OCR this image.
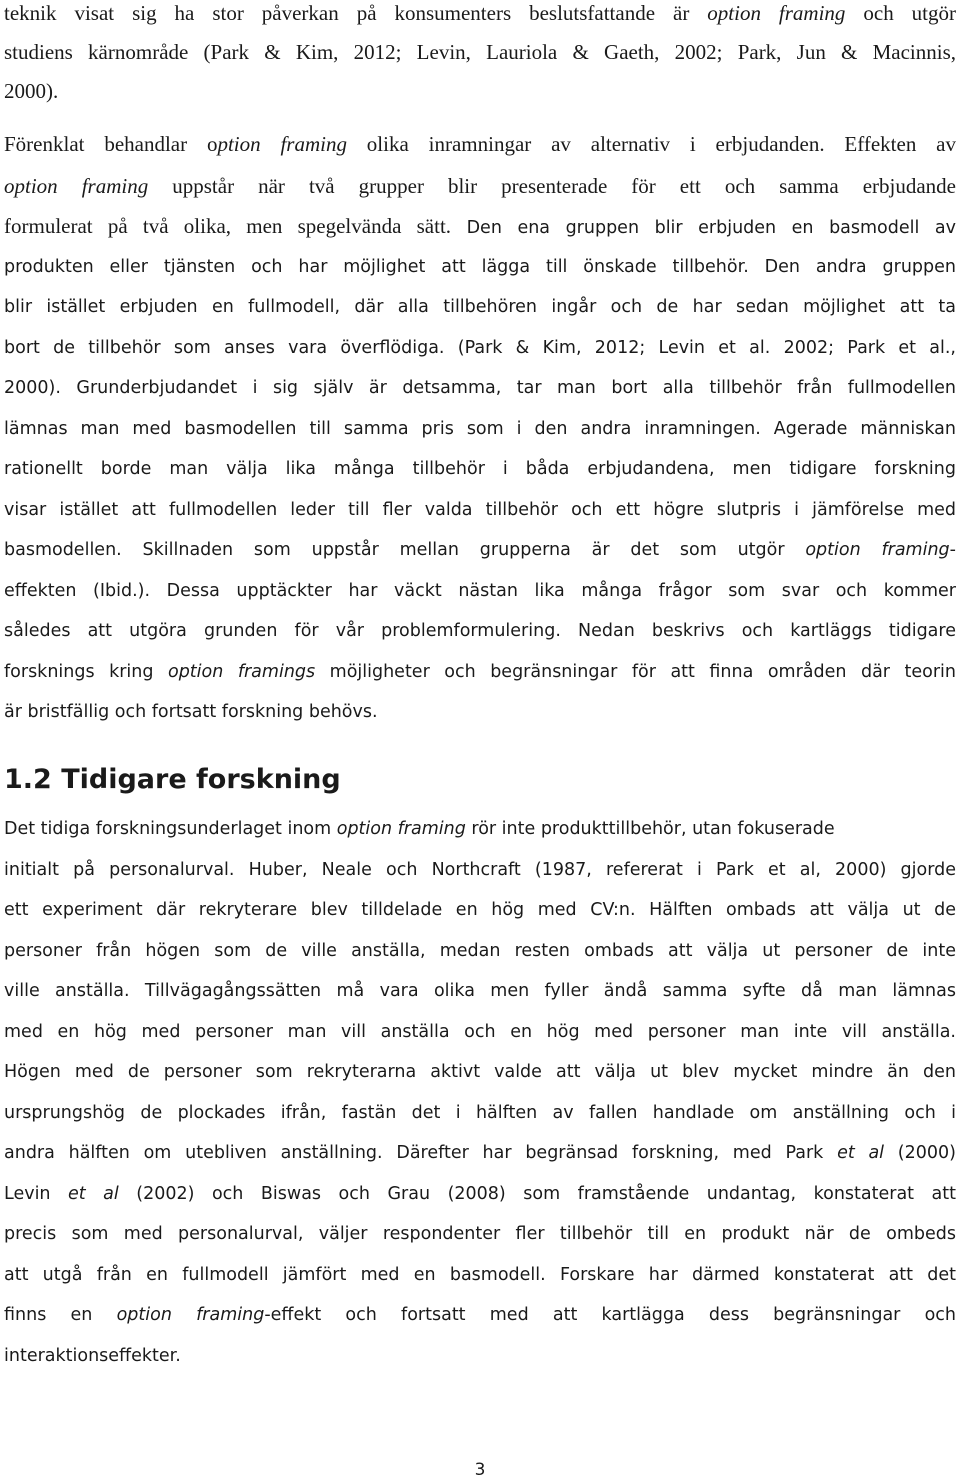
teknik visat sig ha stor påverkan på konsumenters beslutsfattande är option framing och utgör
studiens kärnområde (Park & Kim, 2012; Levin, Lauriola & Gaeth, 2002; Park, Jun & Macinnis,
2000).
Förenklat behandlar option framing olika inramningar av alternativ i erbjudanden. Effekten av
option framing uppstår när två grupper blir presenterade för ett och samma erbjudande
formulerat på två olika, men spegelvända sätt. Den ena gruppen blir erbjuden en basmodell av
produkten eller tjänsten och har möjlighet att lägga till önskade tillbehör. Den andra gruppen
blir istället erbjuden en fullmodell, där alla tillbehören ingår och de har sedan möjlighet att ta
bort de tillbehör som anses vara överflödiga. (Park & Kim, 2012; Levin et al. 2002; Park et al.,
2000). Grunderbjudandet i sig själv är detsamma, tar man bort alla tillbehör från fullmodellen
lämnas man med basmodellen till samma pris som i den andra inramningen. Agerade människan
rationellt borde man välja lika många tillbehör i båda erbjudandena, men tidigare forskning
visar istället att fullmodellen leder till fler valda tillbehör och ett högre slutpris i jämförelse med
basmodellen. Skillnaden som uppstår mellan grupperna är det som utgör option framing-
effekten (Ibid.). Dessa upptäckter har väckt nästan lika många frågor som svar och kommer
således att utgöra grunden för vår problemformulering. Nedan beskrivs och kartläggs tidigare
forsknings kring option framings möjligheter och begränsningar för att finna områden där teorin
är bristfällig och fortsatt forskning behövs.
1.2 Tidigare forskning
Det tidiga forskningsunderlaget inom option framing rör inte produkttillbehör, utan fokuserade
initialt på personalurval. Huber, Neale och Northcraft (1987, refererat i Park et al, 2000) gjorde
ett experiment där rekryterare blev tilldelade en hög med CV:n. Hälften ombads att välja ut de
personer från högen som de ville anställa, medan resten ombads att välja ut personer de inte
ville anställa. Tillvägagångssätten må vara olika men fyller ändå samma syfte då man lämnas
med en hög med personer man vill anställa och en hög med personer man inte vill anställa.
Högen med de personer som rekryterarna aktivt valde att välja ut blev mycket mindre än den
ursprungshög de plockades ifrån, fastän det i hälften av fallen handlade om anställning och i
andra hälften om utebliven anställning. Därefter har begränsad forskning, med Park et al (2000)
Levin et al (2002) och Biswas och Grau (2008) som framstående undantag, konstaterat att
precis som med personalurval, väljer respondenter fler tillbehör till en produkt när de ombeds
att utgå från en fullmodell jämfört med en basmodell. Forskare har därmed konstaterat att det
finns en option framing-effekt och fortsatt med att kartlägga dess begränsningar och
interaktionseffekter.
3
